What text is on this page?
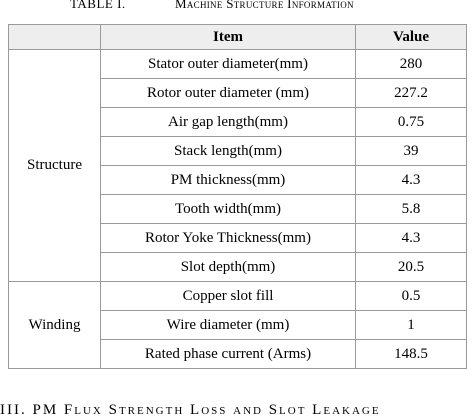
TABLE I.	Machine Structure Information
	Item	Value
Structure	Stator outer diameter(mm)	280
	Rotor outer diameter (mm)	227.2
	Air gap length(mm)	0.75
	Stack length(mm)	39
	PM thickness(mm)	4.3
	Tooth width(mm)	5.8
	Rotor Yoke Thickness(mm)	4.3
	Slot depth(mm)	20.5
Winding	Copper slot fill	0.5
	Wire diameter (mm)	1
	Rated phase current (Arms)	148.5
III. PM Flux Strength Loss and Slot Leakage
